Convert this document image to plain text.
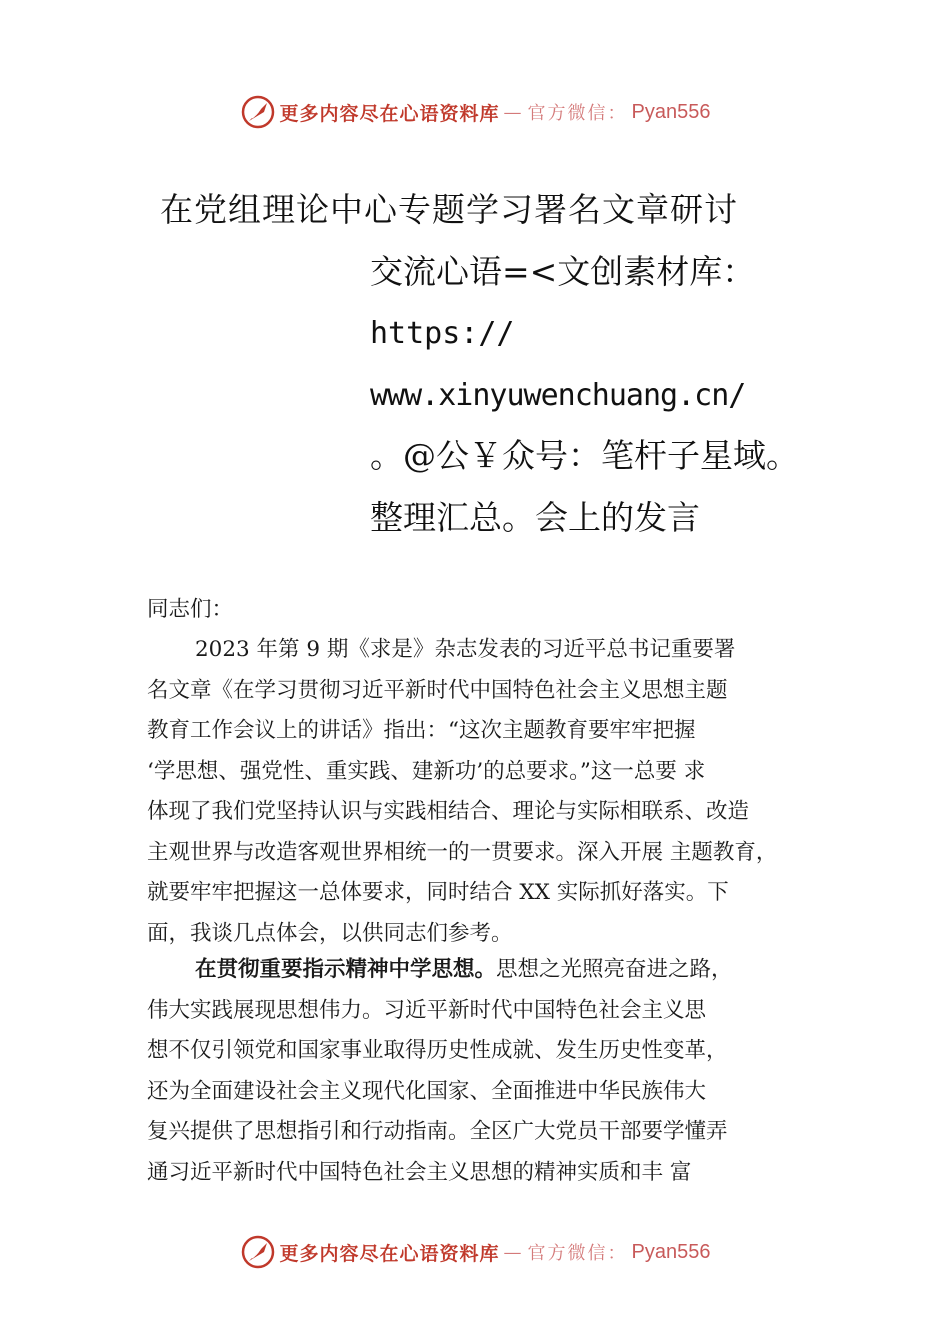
更多内容尽在心语资料库 — 官方微信： Pyan556
在党组理论中心专题学习署名文章研讨
交流心语=<文创素材库：
https://
www.xinyuwenchuang.cn/
。@公￥众号：笔杆子星域。
整理汇总。会上的发言
同志们：
2023 年第 9 期《求是》杂志发表的习近平总书记重要署
名文章《在学习贯彻习近平新时代中国特色社会主义思想主题
教育工作会议上的讲话》指出：“这次主题教育要牢牢把握
‘学思想、强党性、重实践、建新功’的总要求。”这一总要 求
体现了我们党坚持认识与实践相结合、理论与实际相联系、改造
主观世界与改造客观世界相统一的一贯要求。深入开展 主题教育，
就要牢牢把握这一总体要求，同时结合 XX 实际抓好落实。下
面，我谈几点体会，以供同志们参考。
在贯彻重要指示精神中学思想。思想之光照亮奋进之路，
伟大实践展现思想伟力。习近平新时代中国特色社会主义思
想不仅引领党和国家事业取得历史性成就、发生历史性变革，
还为全面建设社会主义现代化国家、全面推进中华民族伟大
复兴提供了思想指引和行动指南。全区广大党员干部要学懂弄
通习近平新时代中国特色社会主义思想的精神实质和丰 富
更多内容尽在心语资料库 — 官方微信： Pyan556
